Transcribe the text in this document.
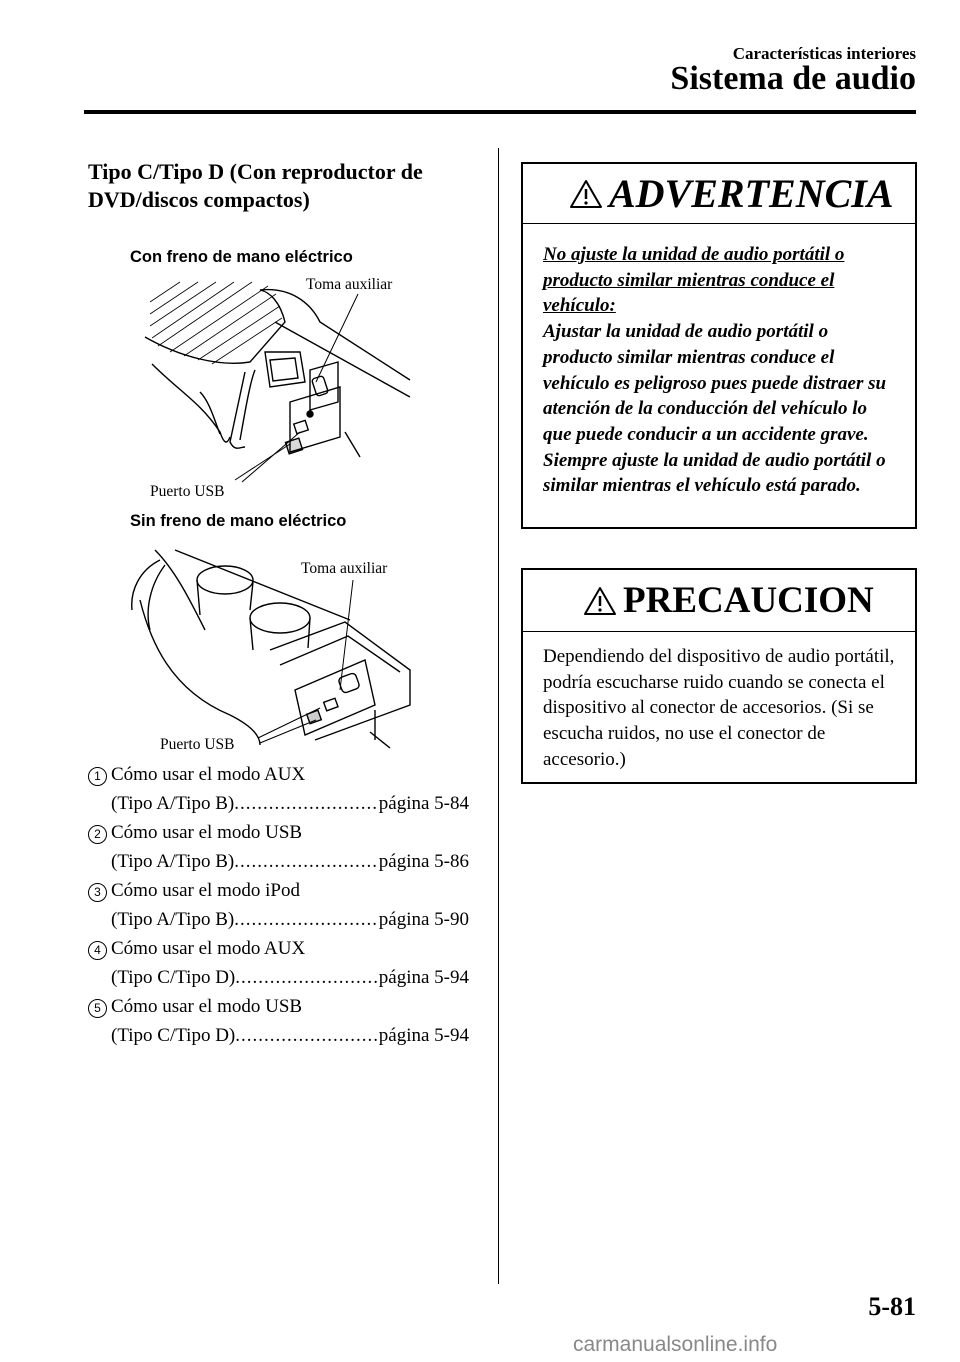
Características interiores
Sistema de audio
Tipo C/Tipo D (Con reproductor de DVD/discos compactos)
Con freno de mano eléctrico
Toma auxiliar
Puerto USB
Sin freno de mano eléctrico
Toma auxiliar
Puerto USB
1 Cómo usar el modo AUX
(Tipo A/Tipo B) .....	página 5-84
2 Cómo usar el modo USB
(Tipo A/Tipo B) .....	página 5-86
3 Cómo usar el modo iPod
(Tipo A/Tipo B) .....	página 5-90
4 Cómo usar el modo AUX
(Tipo C/Tipo D) .....	página 5-94
5 Cómo usar el modo USB
(Tipo C/Tipo D) .....	página 5-94
ADVERTENCIA
No ajuste la unidad de audio portátil o
producto similar mientras conduce el
vehículo:
Ajustar la unidad de audio portátil o producto similar mientras conduce el vehículo es peligroso pues puede distraer su atención de la conducción del vehículo lo que puede conducir a un accidente grave. Siempre ajuste la unidad de audio portátil o similar mientras el vehículo está parado.
PRECAUCION
Dependiendo del dispositivo de audio portátil, podría escucharse ruido cuando se conecta el dispositivo al conector de accesorios. (Si se escucha ruidos, no use el conector de accesorio.)
5-81
carmanualsonline.info
